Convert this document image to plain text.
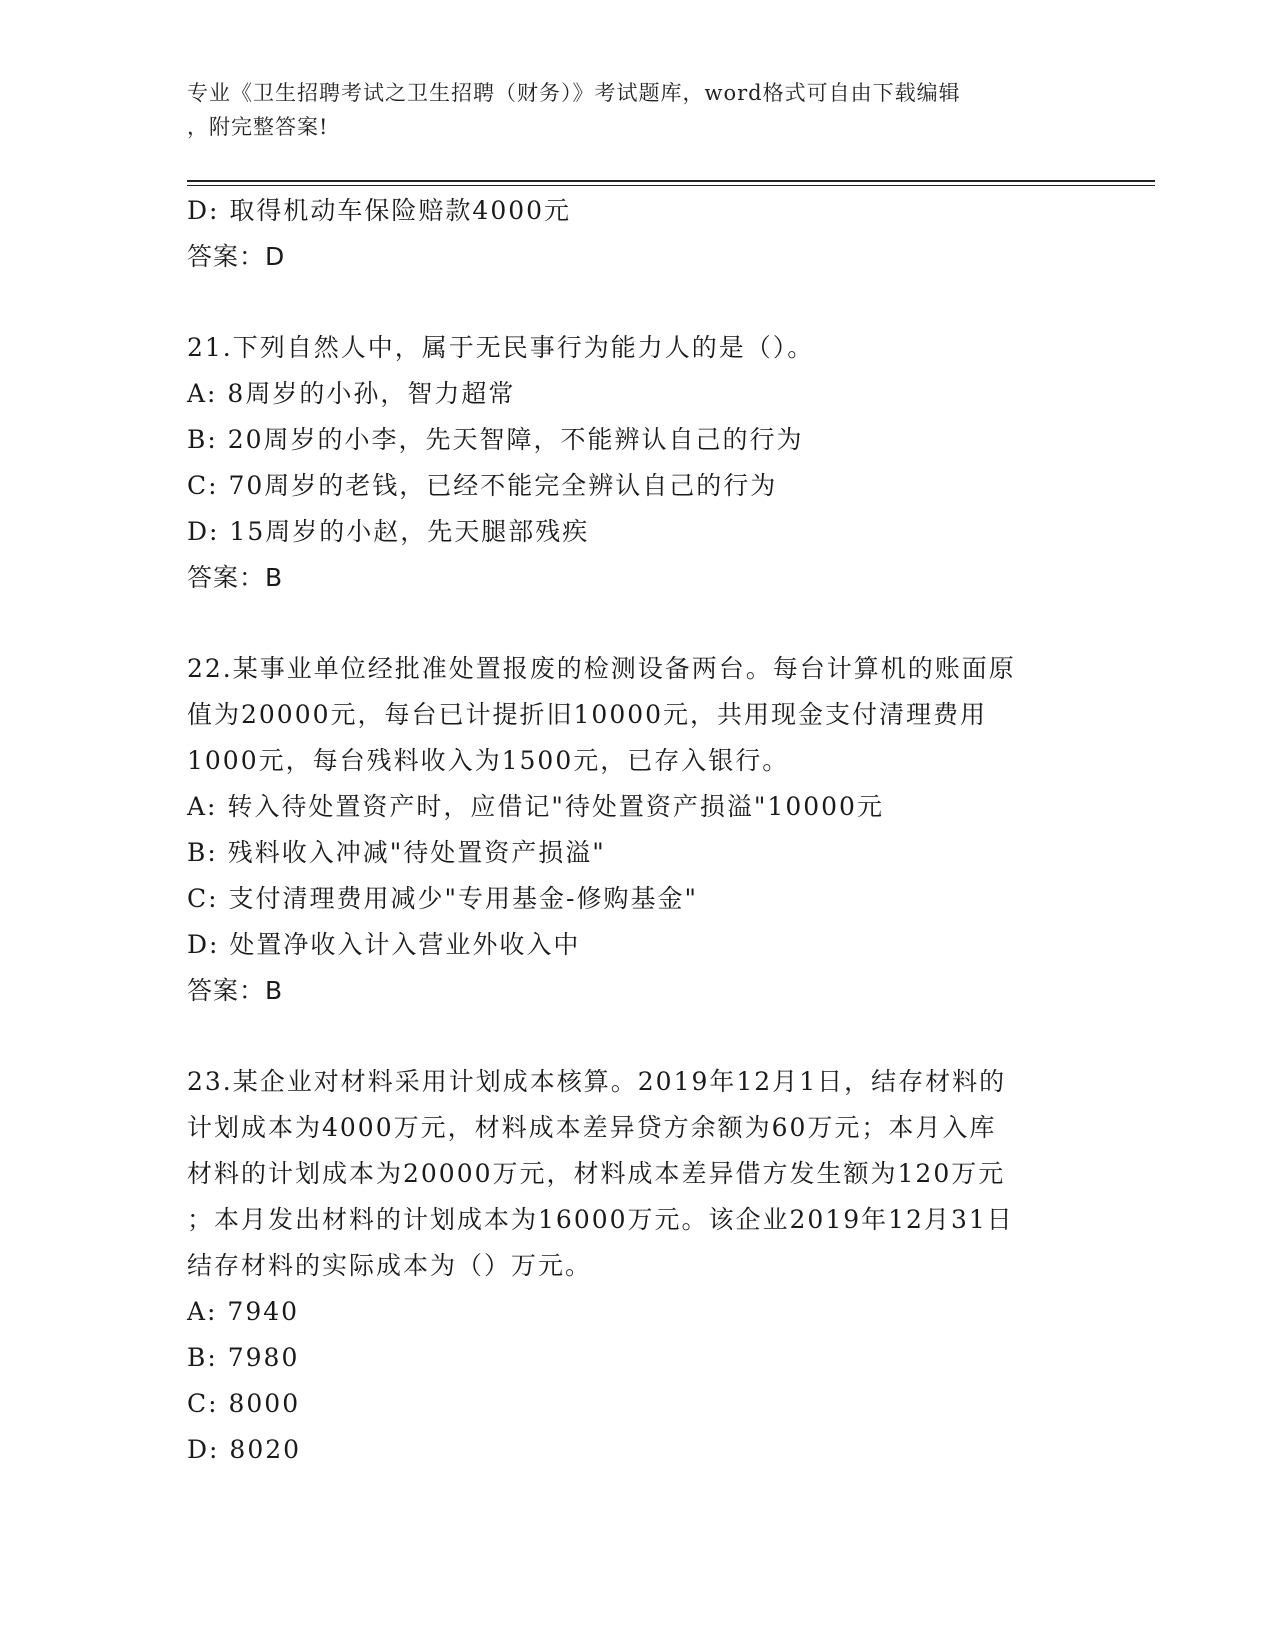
专业《卫生招聘考试之卫生招聘（财务）》考试题库，word格式可自由下载编辑
，附完整答案!
D: 取得机动车保险赔款4000元
答案：D
21.下列自然人中，属于无民事行为能力人的是（）。
A: 8周岁的小孙，智力超常
B: 20周岁的小李，先天智障，不能辨认自己的行为
C: 70周岁的老钱，已经不能完全辨认自己的行为
D: 15周岁的小赵，先天腿部残疾
答案：B
22.某事业单位经批准处置报废的检测设备两台。每台计算机的账面原
值为20000元，每台已计提折旧10000元，共用现金支付清理费用
1000元，每台残料收入为1500元，已存入银行。
A: 转入待处置资产时，应借记"待处置资产损溢"10000元
B: 残料收入冲减"待处置资产损溢"
C: 支付清理费用减少"专用基金-修购基金"
D: 处置净收入计入营业外收入中
答案：B
23.某企业对材料采用计划成本核算。2019年12月1日，结存材料的
计划成本为4000万元，材料成本差异贷方余额为60万元；本月入库
材料的计划成本为20000万元，材料成本差异借方发生额为120万元
；本月发出材料的计划成本为16000万元。该企业2019年12月31日
结存材料的实际成本为（）万元。
A: 7940
B: 7980
C: 8000
D: 8020
